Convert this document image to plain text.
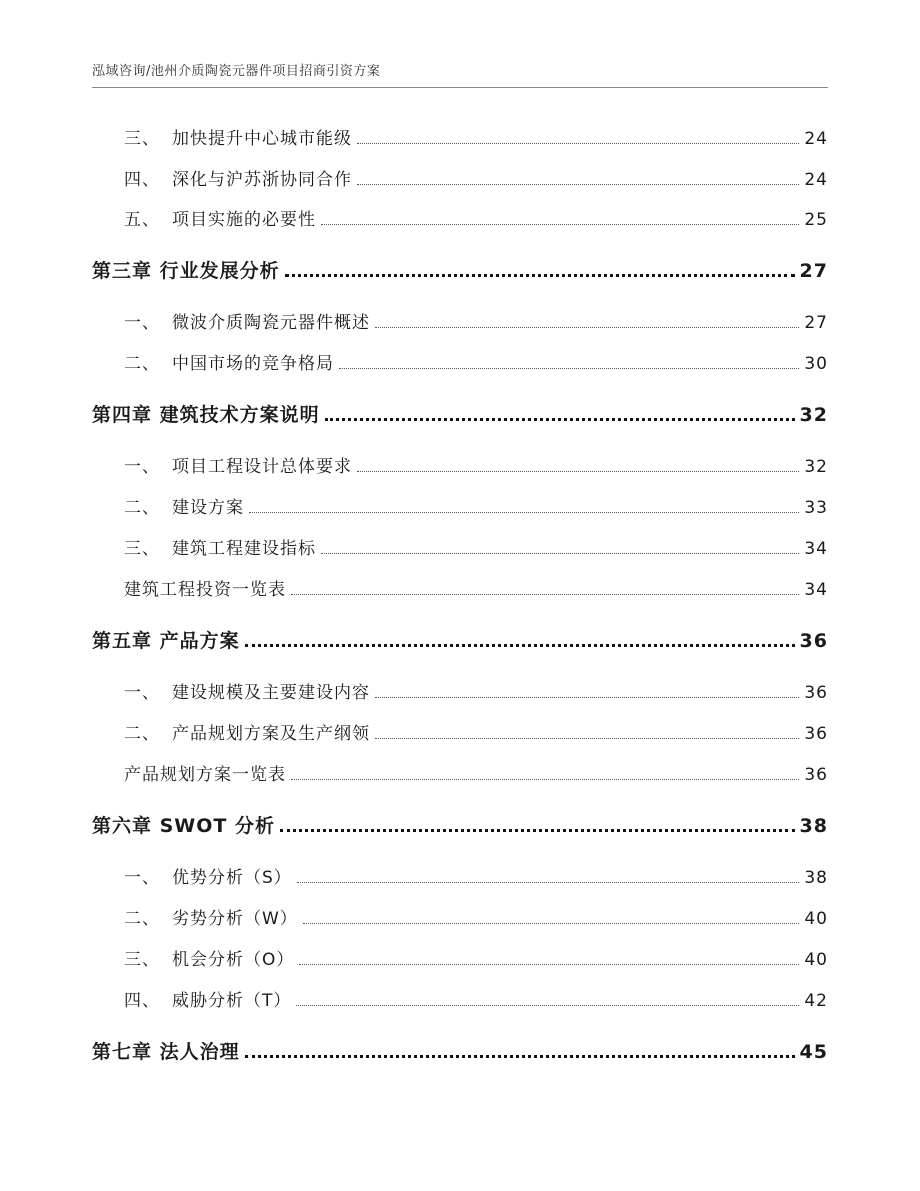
泓域咨询/池州介质陶瓷元器件项目招商引资方案
三、 加快提升中心城市能级	24
四、 深化与沪苏浙协同合作	24
五、 项目实施的必要性	25
第三章 行业发展分析	27
一、 微波介质陶瓷元器件概述	27
二、 中国市场的竞争格局	30
第四章 建筑技术方案说明	32
一、 项目工程设计总体要求	32
二、 建设方案	33
三、 建筑工程建设指标	34
建筑工程投资一览表	34
第五章 产品方案	36
一、 建设规模及主要建设内容	36
二、 产品规划方案及生产纲领	36
产品规划方案一览表	36
第六章 SWOT 分析	38
一、 优势分析（S）	38
二、 劣势分析（W）	40
三、 机会分析（O）	40
四、 威胁分析（T）	42
第七章 法人治理	45
